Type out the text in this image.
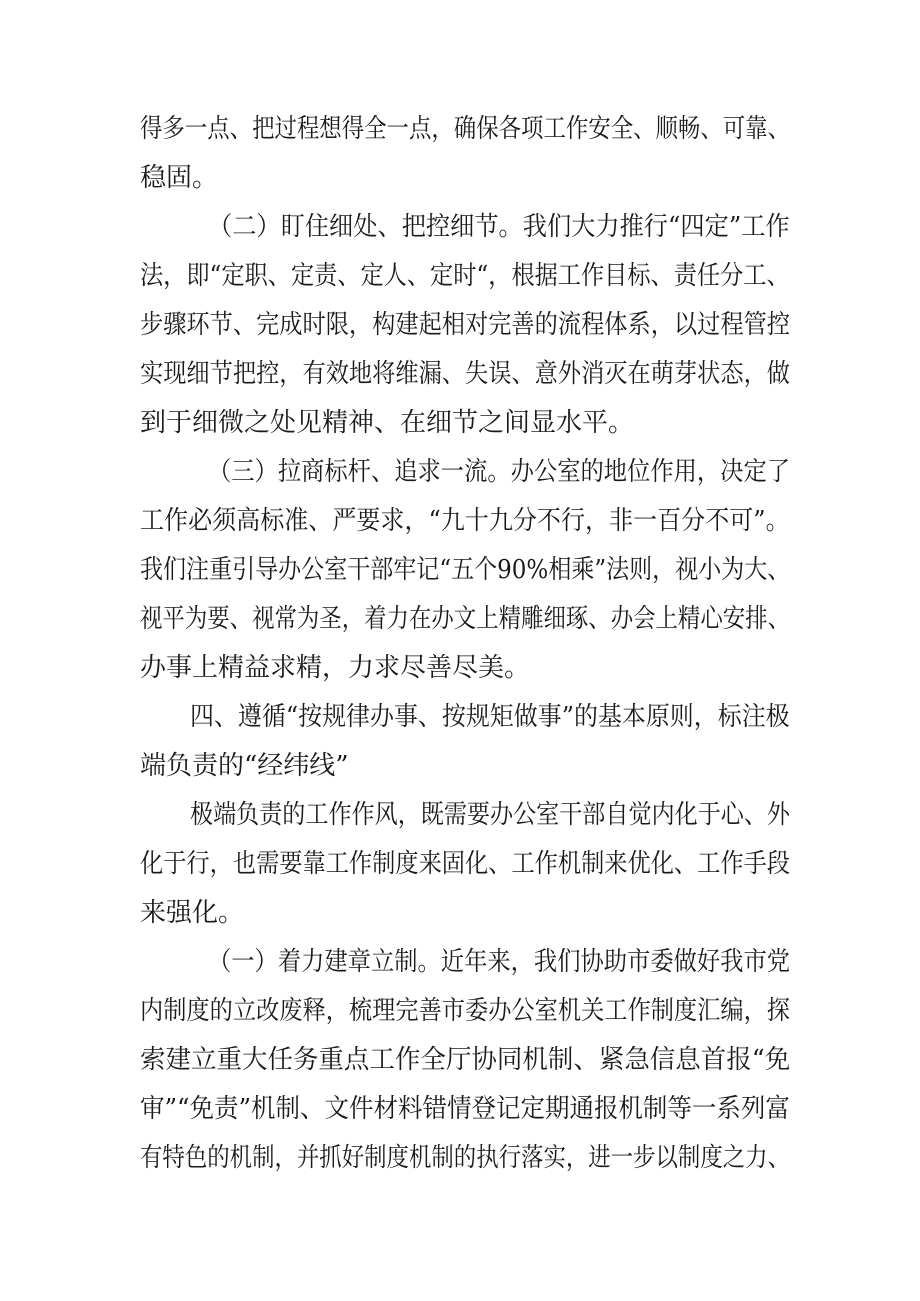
得多一点、把过程想得全一点，确保各项工作安全、顺畅、可靠、
稳固。
（二）盯住细处、把控细节。我们大力推行“四定”工作
法，即“定职、定责、定人、定时“，根据工作目标、责任分工、
步骤环节、完成时限，构建起相对完善的流程体系，以过程管控
实现细节把控，有效地将维漏、失误、意外消灭在萌芽状态，做
到于细微之处见精神、在细节之间显水平。
（三）拉商标杆、追求一流。办公室的地位作用，决定了
工作必须高标准、严要求，“九十九分不行，非一百分不可”。
我们注重引导办公室干部牢记“五个90%相乘”法则，视小为大、
视平为要、视常为圣，着力在办文上精雕细琢、办会上精心安排、
办事上精益求精，力求尽善尽美。
四、遵循“按规律办事、按规矩做事”的基本原则，标注极
端负责的“经纬线”
极端负责的工作作风，既需要办公室干部自觉内化于心、外
化于行，也需要靠工作制度来固化、工作机制来优化、工作手段
来强化。
（一）着力建章立制。近年来，我们协助市委做好我市党
内制度的立改废释，梳理完善市委办公室机关工作制度汇编，探
索建立重大任务重点工作全厅协同机制、紧急信息首报“免
审”“免责”机制、文件材料错情登记定期通报机制等一系列富
有特色的机制，并抓好制度机制的执行落实，进一步以制度之力、
